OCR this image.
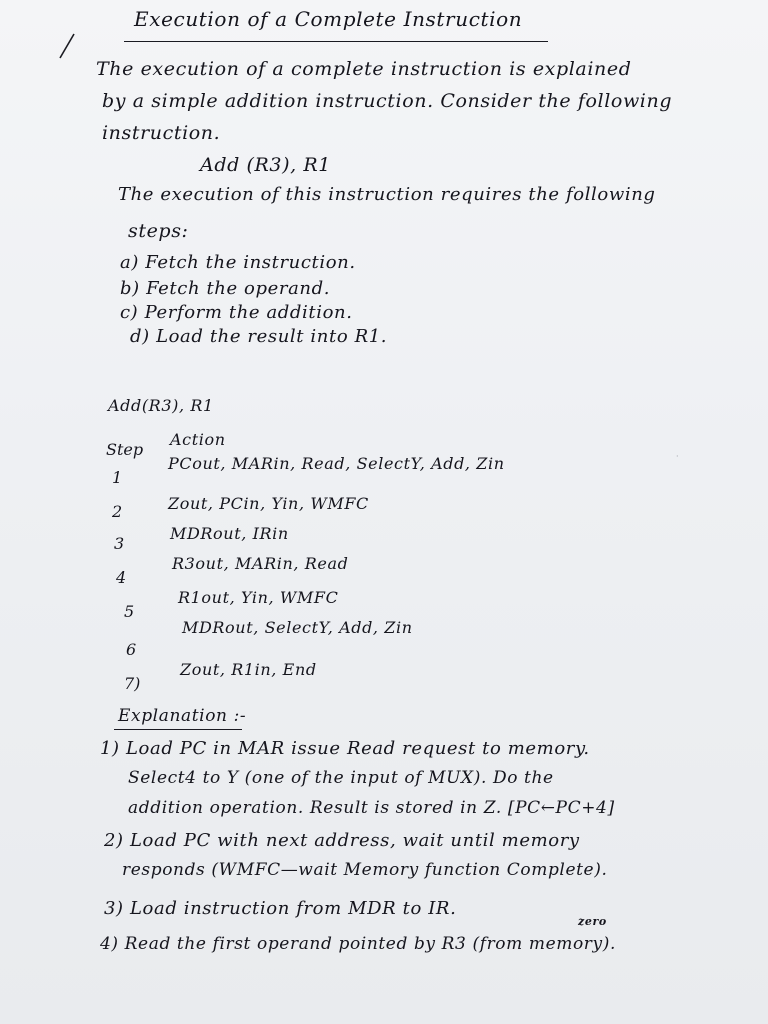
Execution of a Complete Instruction
The execution of a complete instruction is explained
by a simple addition instruction. Consider the following
instruction.
Add (R3), R1
The execution of this instruction requires the following
steps:
a) Fetch the instruction.
b) Fetch the operand.
c) Perform the addition.
d) Load the result into R1.
Add(R3), R1
Step
Action
·
1
PCout, MARin, Read, SelectY, Add, Zin
2	Zout, PCin, Yin, WMFC
3
MDRout, IRin
4
R3out, MARin, Read
5
R1out, Yin, WMFC
6
MDRout, SelectY, Add, Zin
7)
Zout, R1in, End
Explanation :-
1) Load PC in MAR issue Read request to memory.
Select4 to Y (one of the input of MUX). Do the
addition operation. Result is stored in Z. [PC←PC+4]
2) Load PC with next address, wait until memory
responds (WMFC—wait Memory function Complete).
3) Load instruction from MDR to IR.
zero
4) Read the first operand pointed by R3 (from memory).
